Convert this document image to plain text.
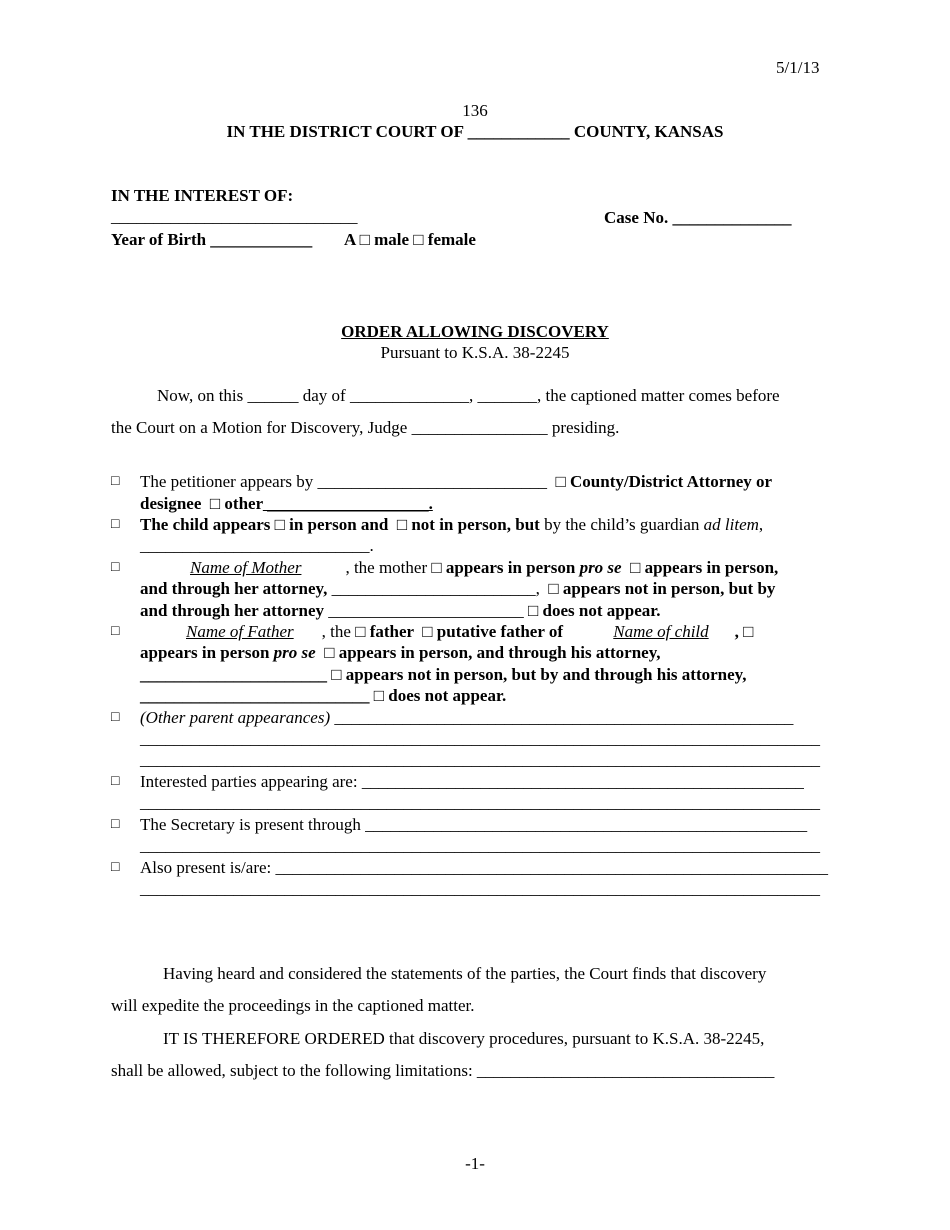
5/1/13
136
IN THE DISTRICT COURT OF ____________ COUNTY, KANSAS
IN THE INTEREST OF:
_____________________________	Case No. ______________
Year of Birth ____________ A □ male □ female
ORDER ALLOWING DISCOVERY
Pursuant to K.S.A. 38-2245
Now, on this ______ day of ______________, _______, the captioned matter comes before
the Court on a Motion for Discovery, Judge ________________ presiding.
□ The petitioner appears by ___________________________ □ County/District Attorney or
designee  □ other ___________________.
□ The child appears □ in person and  □ not in person, but by the child’s guardian ad litem,
___________________________.
□	Name of Mother	, the mother □ appears in person pro se  □ appears in person,
and through her attorney, ________________________,  □ appears not in person, but by
and through her attorney _______________________ □ does not appear.
□	Name of Father , the □ father  □ putative father of	Name of child , □
appears in person pro se  □ appears in person, and through his attorney,
______________________ □ appears not in person, but by and through his attorney,
___________________________ □ does not appear.
□ (Other parent appearances) ______________________________________________________
________________________________________________________________________________
________________________________________________________________________________
□ Interested parties appearing are: ____________________________________________________
________________________________________________________________________________
□ The Secretary is present through ____________________________________________________
________________________________________________________________________________
□ Also present is/are: _________________________________________________________________
________________________________________________________________________________
Having heard and considered the statements of the parties, the Court finds that discovery
will expedite the proceedings in the captioned matter.
IT IS THEREFORE ORDERED that discovery procedures, pursuant to K.S.A. 38-2245,
shall be allowed, subject to the following limitations: ___________________________________
-1-
